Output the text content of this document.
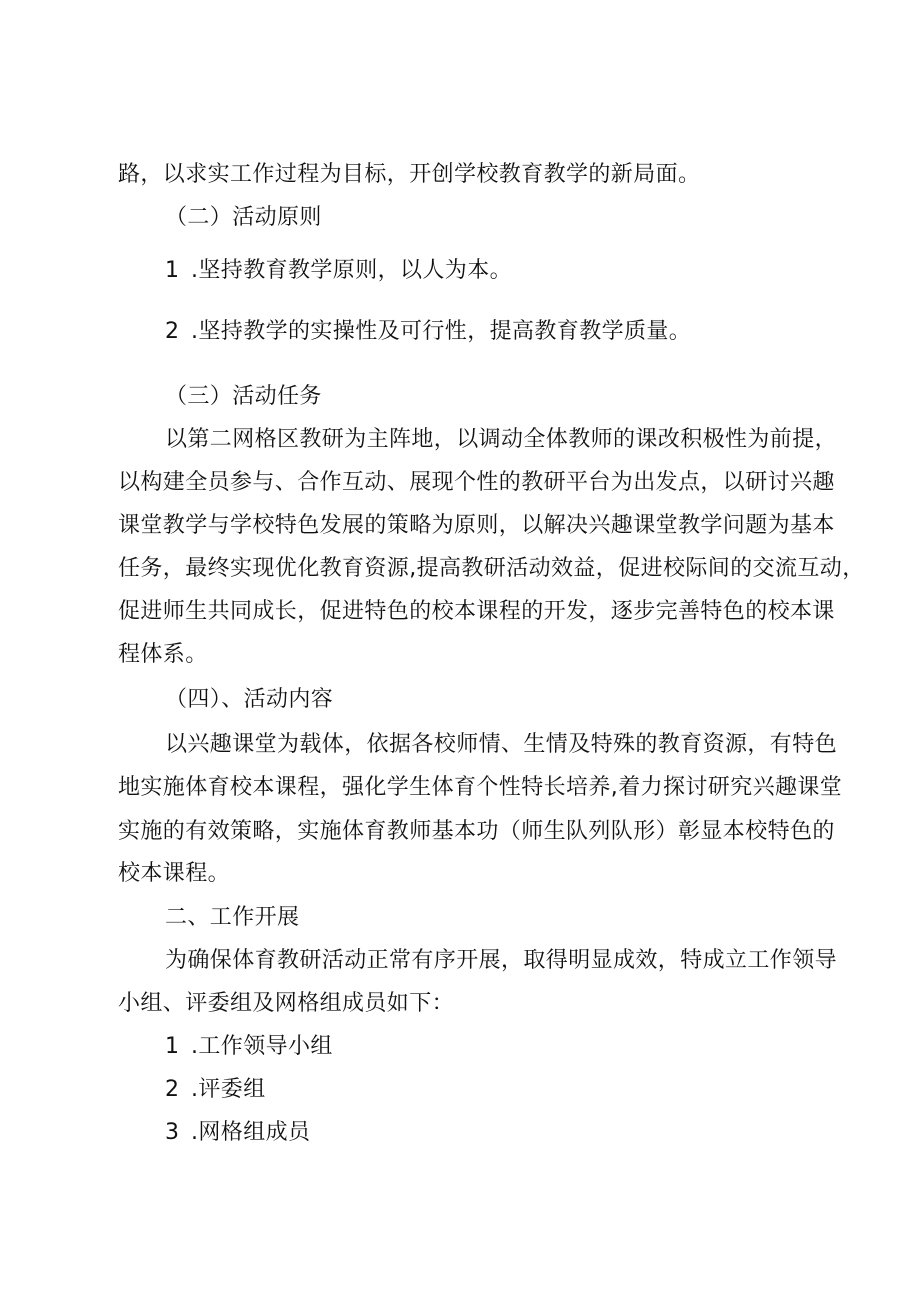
路，以求实工作过程为目标，开创学校教育教学的新局面。
（二）活动原则
1 .坚持教育教学原则，以人为本。
2 .坚持教学的实操性及可行性，提高教育教学质量。
（三）活动任务
以第二网格区教研为主阵地，以调动全体教师的课改积极性为前提，
以构建全员参与、合作互动、展现个性的教研平台为出发点，以研讨兴趣
课堂教学与学校特色发展的策略为原则，以解决兴趣课堂教学问题为基本
任务，最终实现优化教育资源,提高教研活动效益，促进校际间的交流互动，
促进师生共同成长，促进特色的校本课程的开发，逐步完善特色的校本课
程体系。
（四）、活动内容
以兴趣课堂为载体，依据各校师情、生情及特殊的教育资源，有特色
地实施体育校本课程，强化学生体育个性特长培养,着力探讨研究兴趣课堂
实施的有效策略，实施体育教师基本功（师生队列队形）彰显本校特色的
校本课程。
二、工作开展
为确保体育教研活动正常有序开展，取得明显成效，特成立工作领导
小组、评委组及网格组成员如下：
1 .工作领导小组
2 .评委组
3 .网格组成员
